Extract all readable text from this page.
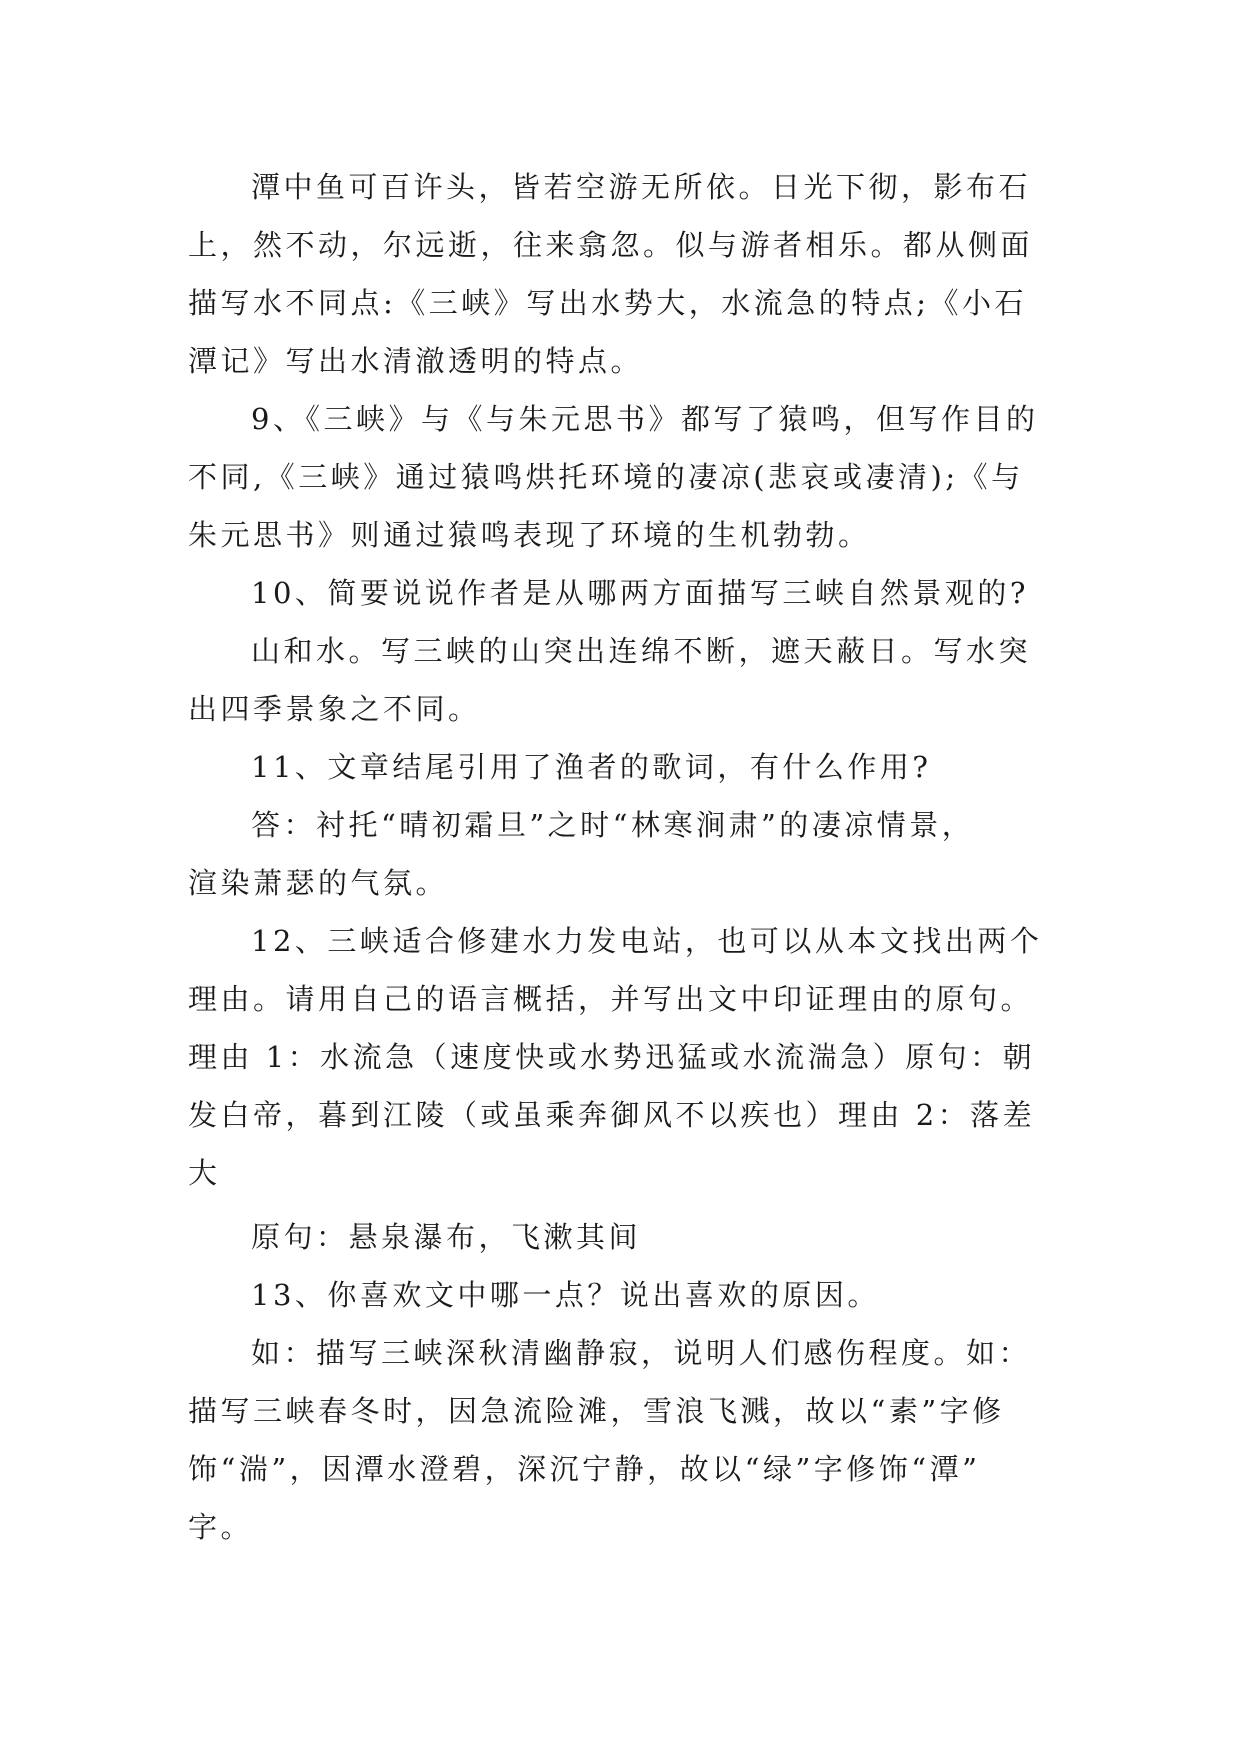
潭中鱼可百许头，皆若空游无所依。日光下彻，影布石
上，然不动，尔远逝，往来翕忽。似与游者相乐。都从侧面
描写水不同点:《三峡》写出水势大，水流急的特点;《小石
潭记》写出水清澈透明的特点。
9、《三峡》与《与朱元思书》都写了猿鸣，但写作目的
不同,《三峡》通过猿鸣烘托环境的凄凉(悲哀或凄清);《与
朱元思书》则通过猿鸣表现了环境的生机勃勃。
10、简要说说作者是从哪两方面描写三峡自然景观的?
山和水。写三峡的山突出连绵不断，遮天蔽日。写水突
出四季景象之不同。
11、文章结尾引用了渔者的歌词，有什么作用?
答：衬托“晴初霜旦”之时“林寒涧肃”的凄凉情景，
渲染萧瑟的气氛。
12、三峡适合修建水力发电站，也可以从本文找出两个
理由。请用自己的语言概括，并写出文中印证理由的原句。
理由 1：水流急（速度快或水势迅猛或水流湍急）原句：朝
发白帝，暮到江陵（或虽乘奔御风不以疾也）理由 2：落差
大
原句：悬泉瀑布，飞漱其间
13、你喜欢文中哪一点？说出喜欢的原因。
如：描写三峡深秋清幽静寂，说明人们感伤程度。如：
描写三峡春冬时，因急流险滩，雪浪飞溅，故以“素”字修
饰“湍”，因潭水澄碧，深沉宁静，故以“绿”字修饰“潭”
字。
